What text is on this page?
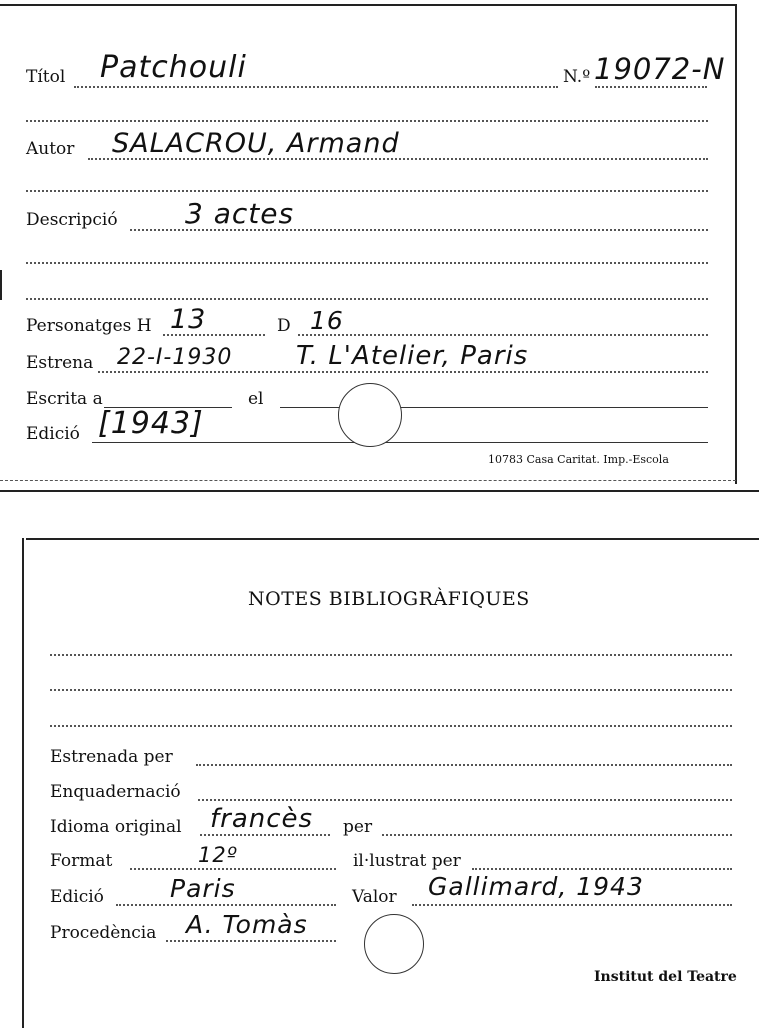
Títol Patchouli	N.º 19072-N
Autor SALACROU, Armand
Descripció 3 actes
Personatges H 13	D 16
Estrena 22-I-1930 T. L'Atelier, Paris
Escrita a	el
Edició [1943]
10783 Casa Caritat. Imp.-Escola
NOTES BIBLIOGRÀFIQUES
Estrenada per
Enquadernació
Idioma original francès per
Format	12º	il·lustrat per
Edició	Paris	Valor Gallimard, 1943
Procedència A. Tomàs
Institut del Teatre
